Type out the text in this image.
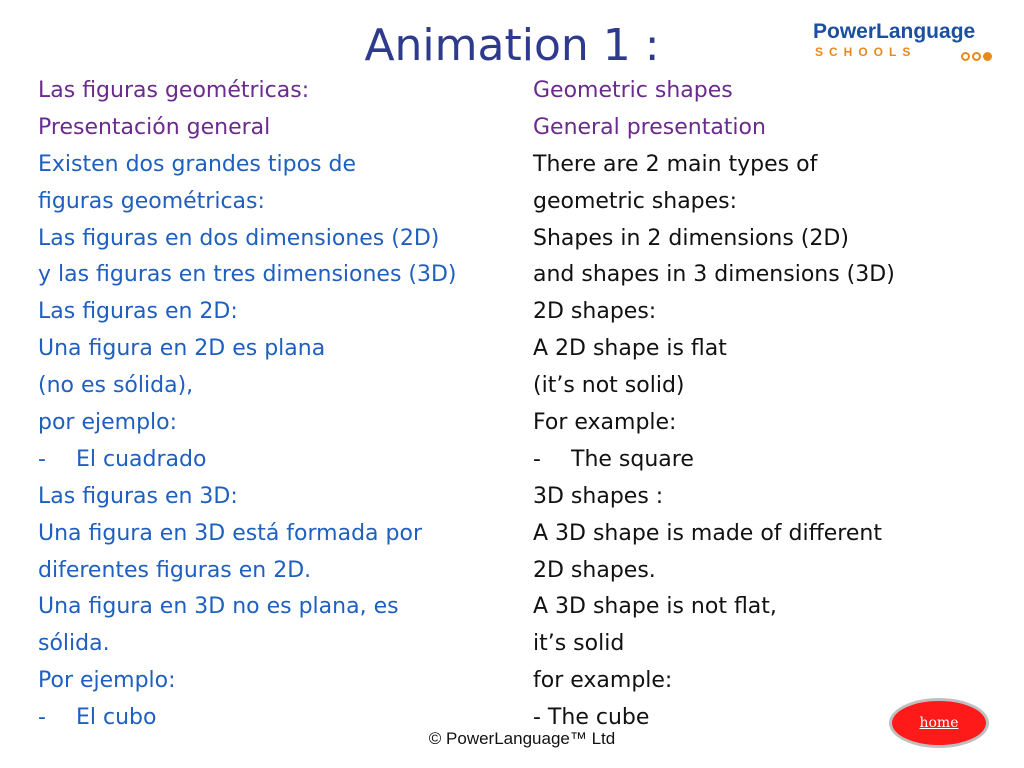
Animation 1 :	PowerLanguage
SCHOOLS
Las figuras geométricas:
Presentación general
Existen dos grandes tipos de
figuras geométricas:
Las figuras en dos dimensiones (2D)
y las figuras en tres dimensiones (3D)
Las figuras en 2D:
Una figura en 2D es plana
(no es sólida),
por ejemplo:
- El cuadrado
Las figuras en 3D:
Una figura en 3D está formada por
diferentes figuras en 2D.
Una figura en 3D no es plana, es
sólida.
Por ejemplo:
- El cubo
Geometric shapes
General presentation
There are 2 main types of
geometric shapes:
Shapes in 2 dimensions (2D)
and shapes in 3 dimensions (3D)
2D shapes:
A 2D shape is flat
(it’s not solid)
For example:
- The square
3D shapes :
A 3D shape is made of different
2D shapes.
A 3D shape is not flat,
it’s solid
for example:
- The cube
© PowerLanguage™ Ltd
home
